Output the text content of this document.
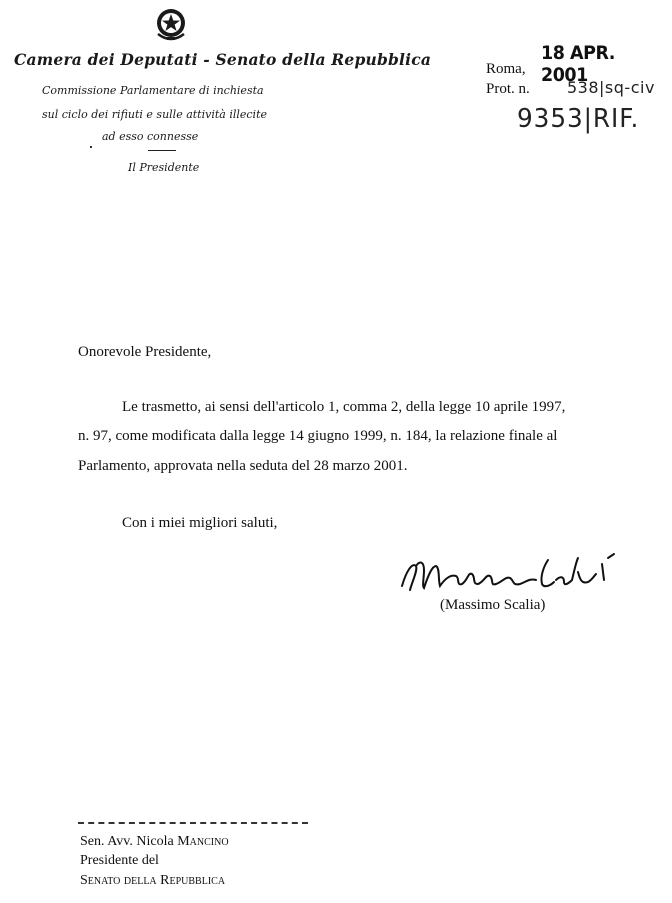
Camera dei Deputati - Senato della Repubblica
Commissione Parlamentare di inchiesta
sul ciclo dei rifiuti e sulle attività illecite
ad esso connesse
Il Presidente
18 APR. 2001
Roma,
Prot. n. 538|sq-civ
9353|RIF.
Onorevole Presidente,
Le trasmetto, ai sensi dell'articolo 1, comma 2, della legge 10 aprile 1997,
n. 97, come modificata dalla legge 14 giugno 1999, n. 184, la relazione finale al
Parlamento, approvata nella seduta del 28 marzo 2001.
Con i miei migliori saluti,
(Massimo Scalia)
Sen. Avv. Nicola Mancino
Presidente del
Senato della Repubblica
